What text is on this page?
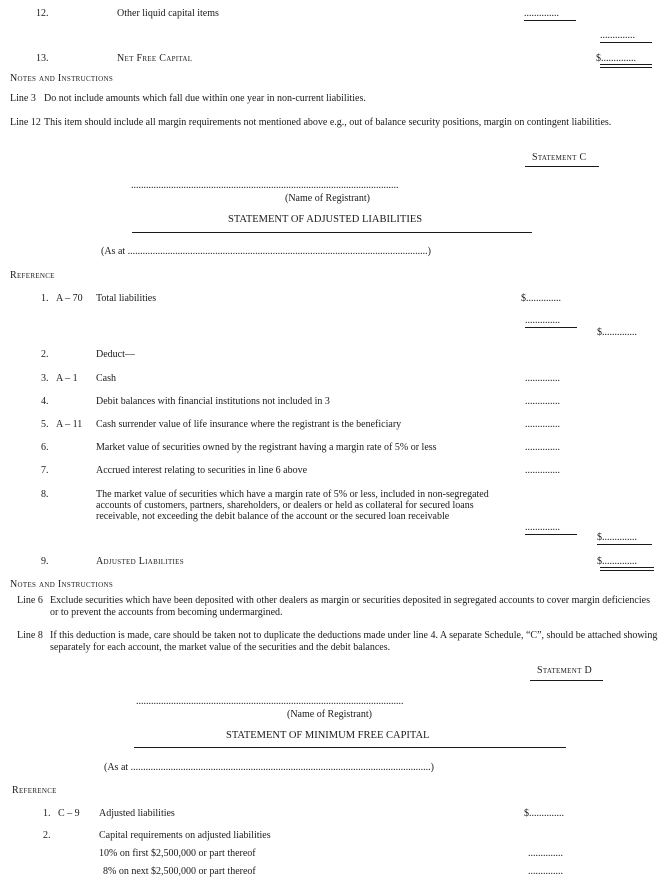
12.	Other liquid capital items	..............
..............
13.	Net Free Capital	$..............
Notes and Instructions
Line 3 Do not include amounts which fall due within one year in non-current liabilities.
Line 12 This item should include all margin requirements not mentioned above e.g., out of balance security positions, margin on contingent liabilities.
Statement C
...........................................................................................................
(Name of Registrant)
STATEMENT OF ADJUSTED LIABILITIES
(As at ........................................................................................................................)
Reference
1. A – 70 Total liabilities	$..............
..............
$..............
2.	Deduct—
3. A – 1 Cash	..............
4.	Debit balances with financial institutions not included in 3	..............
5. A – 11 Cash surrender value of life insurance where the registrant is the beneficiary	..............
6.	Market value of securities owned by the registrant having a margin rate of 5% or less	..............
7.	Accrued interest relating to securities in line 6 above	..............
8.	The market value of securities which have a margin rate of 5% or less, included in non-segregated accounts of customers, partners, shareholders, or dealers or held as collateral for secured loans receivable, not exceeding the debit balance of the account or the secured loan receivable
..............
$..............
9.	Adjusted Liabilities	$..............
Notes and Instructions
Line 6 Exclude securities which have been deposited with other dealers as margin or securities deposited in segregated accounts to cover margin deficiencies or to prevent the accounts from becoming undermargined.
Line 8 If this deduction is made, care should be taken not to duplicate the deductions made under line 4. A separate Schedule, “C”, should be attached showing separately for each account, the market value of the securities and the debit balances.
Statement D
...........................................................................................................
(Name of Registrant)
STATEMENT OF MINIMUM FREE CAPITAL
(As at ........................................................................................................................)
Reference
1. C – 9 Adjusted liabilities	$..............
2.	Capital requirements on adjusted liabilities
10% on first $2,500,000 or part thereof	..............
8% on next $2,500,000 or part thereof	..............
